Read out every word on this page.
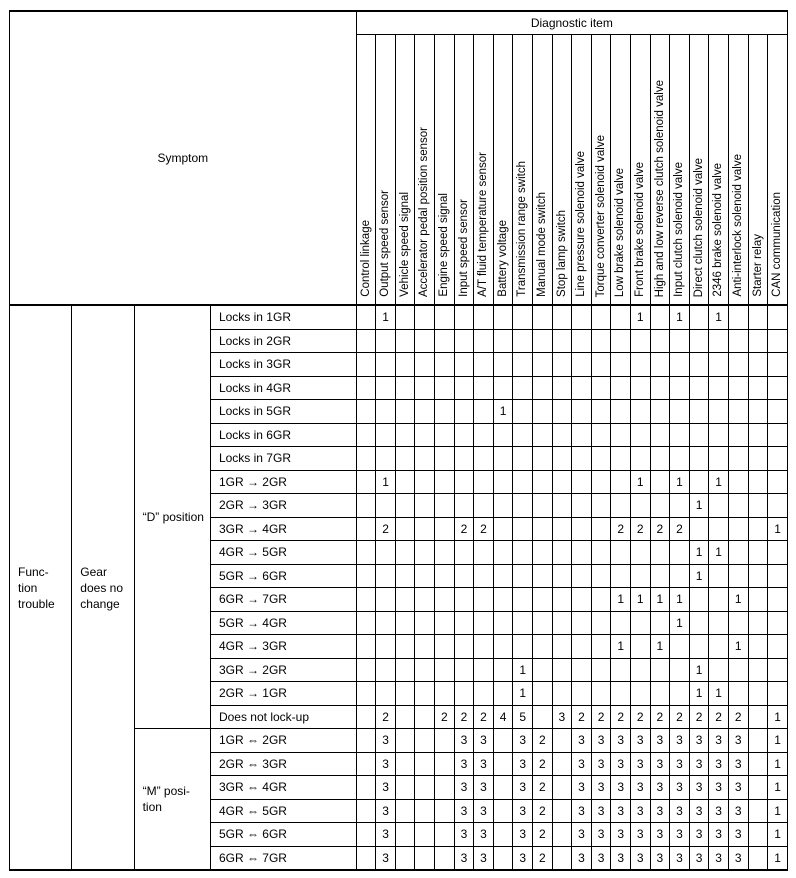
Symptom				Diagnostic item																					
				Control linkage	Output speed sensor	Vehicle speed signal	Accelerator pedal position sensor	Engine speed signal	Input speed sensor	A/T fluid temperature sensor	Battery voltage	Transmission range switch	Manual mode switch	Stop lamp switch	Line pressure solenoid valve	Torque converter solenoid valve	Low brake solenoid valve	Front brake solenoid valve	High and low reverse clutch solenoid valve	Input clutch solenoid valve	Direct clutch solenoid valve	2346 brake solenoid valve	Anti-interlock solenoid valve	Starter relay	CAN communication
Func-
tion
trouble	Gear
does no
change	“D” position	Locks in 1GR		1													1		1		1			
			Locks in 2GR																						
			Locks in 3GR																						
			Locks in 4GR																						
			Locks in 5GR								1														
			Locks in 6GR																						
			Locks in 7GR																						
			1GR → 2GR		1													1		1		1			
			2GR → 3GR																		1				
			3GR → 4GR		2				2	2							2	2	2	2					1
			4GR → 5GR																		1	1			
			5GR → 6GR																		1				
			6GR → 7GR														1	1	1	1			1		
			5GR → 4GR																	1					
			4GR → 3GR														1		1				1		
			3GR → 2GR									1									1				
			2GR → 1GR									1									1	1			
			Does not lock-up		2			2	2	2	4	5		3	2	2	2	2	2	2	2	2	2		1
		“M” posi-
tion	1GR ⇔ 2GR		3				3	3		3	2		3	3	3	3	3	3	3	3	3		1
			2GR ⇔ 3GR		3				3	3		3	2		3	3	3	3	3	3	3	3	3		1
			3GR ⇔ 4GR		3				3	3		3	2		3	3	3	3	3	3	3	3	3		1
			4GR ⇔ 5GR		3				3	3		3	2		3	3	3	3	3	3	3	3	3		1
			5GR ⇔ 6GR		3				3	3		3	2		3	3	3	3	3	3	3	3	3		1
			6GR ⇔ 7GR		3				3	3		3	2		3	3	3	3	3	3	3	3	3		1
